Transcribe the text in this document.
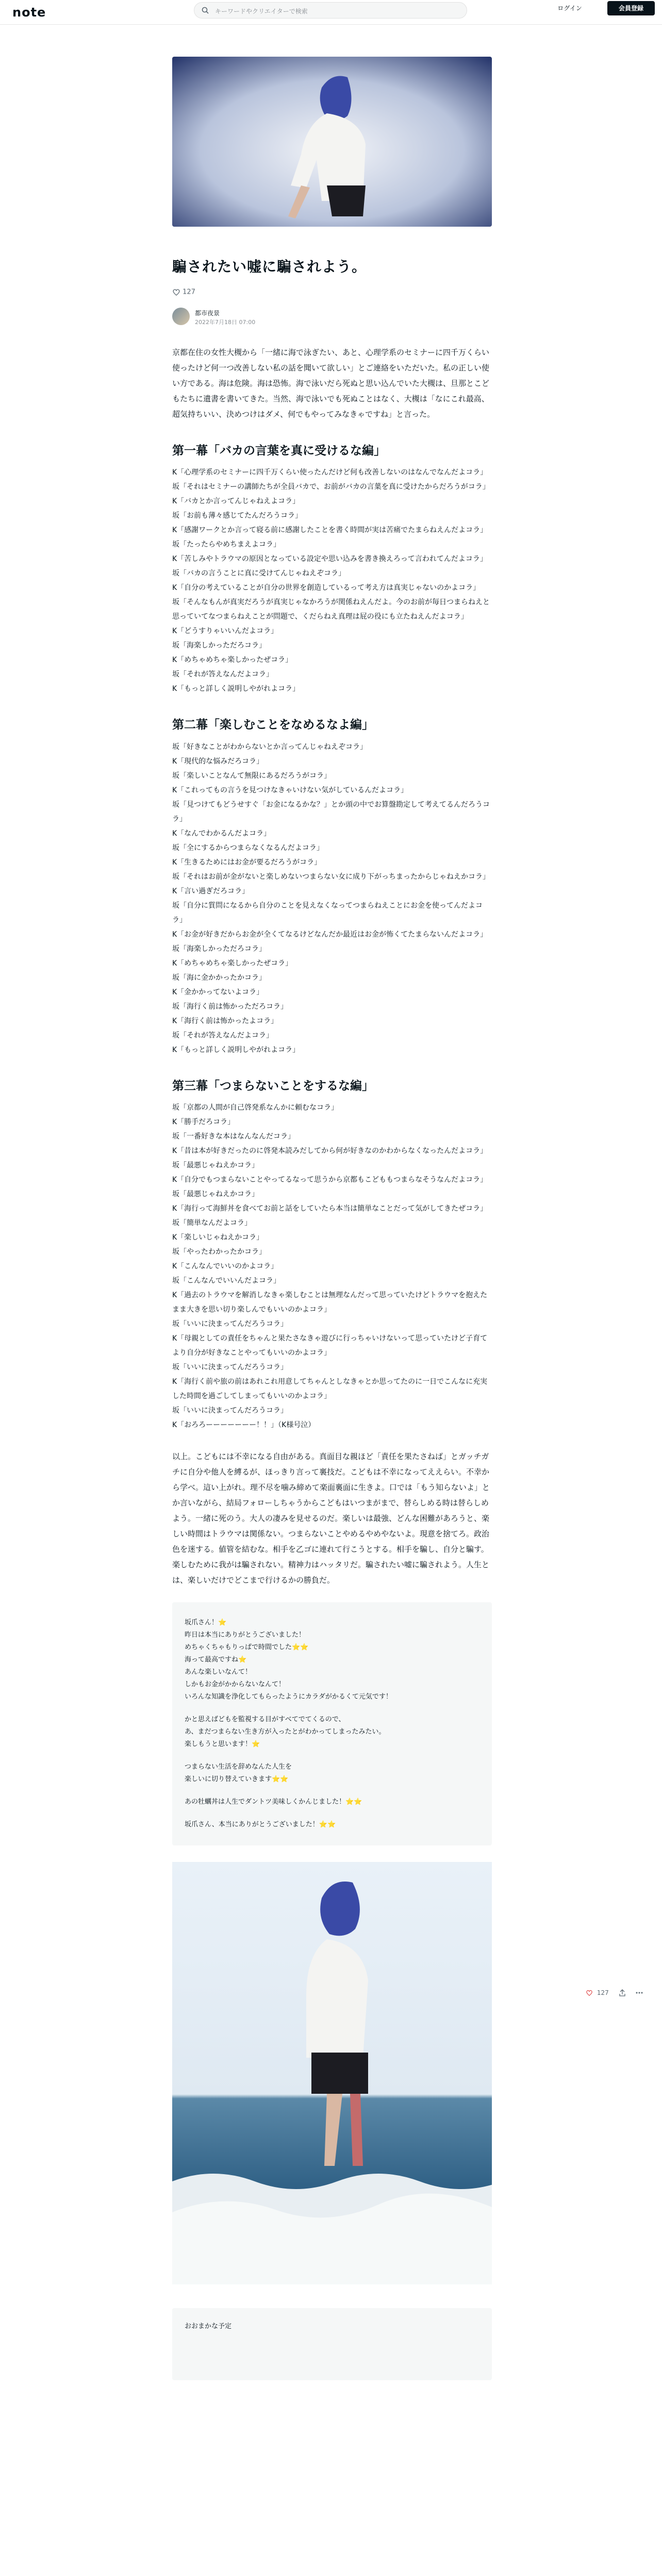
note	キーワードやクリエイターで検索	ログイン	会員登録
騙されたい嘘に騙されよう。
127
都市夜景
2022年7月18日 07:00

京都在住の女性大槻から「一緒に海で泳ぎたい、あと、心理学系のセミナーに四千万くらい使ったけど何一つ改善しない私の話を聞いて欲しい」とご連絡をいただいた。私の正しい使い方である。海は危険。海は恐怖。海で泳いだら死ぬと思い込んでいた大槻は、旦那とこどもたちに遺書を書いてきた。当然、海で泳いでも死ぬことはなく、大槻は「なにこれ最高、超気持ちいい、決めつけはダメ、何でもやってみなきゃですね」と言った。

第一幕「バカの言葉を真に受けるな編」

K「心理学系のセミナーに四千万くらい使ったんだけど何も改善しないのはなんでなんだよコラ」

坂「それはセミナーの講師たちが全員バカで、お前がバカの言葉を真に受けたからだろうがコラ」

K「バカとか言ってんじゃねえよコラ」

坂「お前も薄々感じてたんだろうコラ」

K「感謝ワークとか言って寝る前に感謝したことを書く時間が実は苦痛でたまらねえんだよコラ」

坂「たったらやめちまえよコラ」

K「苦しみやトラウマの原因となっている設定や思い込みを書き換えろって言われてんだよコラ」

坂「バカの言うことに真に受けてんじゃねえぞコラ」

K「自分の考えていることが自分の世界を創造しているって考え方は真実じゃないのかよコラ」

坂「そんなもんが真実だろうが真実じゃなかろうが関係ねえんだよ。今のお前が毎日つまらねえと思っていてなつまらねえことが問題で、くだらねえ真理は屁の役にも立たねえんだよコラ」

K「どうすりゃいいんだよコラ」

坂「海楽しかっただろコラ」

K「めちゃめちゃ楽しかったぜコラ」

坂「それが答えなんだよコラ」

K「もっと詳しく説明しやがれよコラ」

第二幕「楽しむことをなめるなよ編」

坂「好きなことがわからないとか言ってんじゃねえぞコラ」

K「現代的な悩みだろコラ」

坂「楽しいことなんて無限にあるだろうがコラ」

K「これってもの言うを見つけなきゃいけない気がしているんだよコラ」

坂「見つけてもどうせすぐ「お金になるかな？」とか頭の中でお算盤勘定して考えてるんだろうコラ」

K「なんでわかるんだよコラ」

坂「全にするからつまらなくなるんだよコラ」

K「生きるためにはお金が要るだろうがコラ」

坂「それはお前が金がないと楽しめないつまらない女に成り下がっちまったからじゃねえかコラ」

K「言い過ぎだろコラ」

坂「自分に質問になるから自分のことを見えなくなってつまらねえことにお金を使ってんだよコラ」

K「お金が好きだからお金が全くてなるけどなんだか最近はお金が怖くてたまらないんだよコラ」

坂「海楽しかっただろコラ」

K「めちゃめちゃ楽しかったぜコラ」

坂「海に金かかったかコラ」

K「金かかってないよコラ」

坂「海行く前は怖かっただろコラ」

K「海行く前は怖かったよコラ」

坂「それが答えなんだよコラ」

K「もっと詳しく説明しやがれよコラ」

第三幕「つまらないことをするな編」

坂「京都の人間が自己啓発系なんかに頼むなコラ」

K「勝手だろコラ」

坂「一番好きな本はなんなんだコラ」

K「昔は本が好きだったのに啓発本読みだしてから何が好きなのかわからなくなったんだよコラ」

坂「最悪じゃねえかコラ」

K「自分でもつまらないことやってるなって思うから京都もこどももつまらなそうなんだよコラ」

坂「最悪じゃねえかコラ」

K「海行って海鮮丼を食べてお前と話をしていたら本当は簡単なことだって気がしてきたぜコラ」

坂「簡単なんだよコラ」

K「楽しいじゃねえかコラ」

坂「やったわかったかコラ」

K「こんなんでいいのかよコラ」

坂「こんなんでいいんだよコラ」

K「過去のトラウマを解消しなきゃ楽しむことは無理なんだって思っていたけどトラウマを抱えたまま大きを思い切り楽しんでもいいのかよコラ」

坂「いいに決まってんだろうコラ」

K「母親としての責任をちゃんと果たさなきゃ遊びに行っちゃいけないって思っていたけど子育てより自分が好きなことやってもいいのかよコラ」

坂「いいに決まってんだろうコラ」

K「海行く前や旅の前はあれこれ用意してちゃんとしなきゃとか思ってたのに一日でこんなに充実した時間を過ごしてしまってもいいのかよコラ」

坂「いいに決まってんだろうコラ」

K「おろろーーーーーーー！！」（K様号泣）

以上。こどもには不幸になる自由がある。真面目な親ほど「責任を果たさねば」とガッチガチに自分や他人を縛るが、ほっきり言って裏技だ。こどもは不幸になってええらい。不幸から学べ。這い上がれ。理不尽を噛み締めて楽面裏面に生きよ。口では「もう知らないよ」とか言いながら、結局フォローしちゃうからこどもはいつまがまで、替らしめる時は替らしめよう。一緒に死のう。大人の凄みを見せるのだ。楽しいは最強、どんな困難があろうと、楽しい時間はトラウマは関係ない。つまらないことやめるやめやないよ。現意を捨てろ。政治色を迷する。値管を結むな。相手を乙ゴに連れて行こうとする。相手を騙し、自分と騙す。楽しむために我がは騙されない。精神力はハッタリだ。騙されたい嘘に騙されよう。人生とは、楽しいだけでどこまで行けるかの勝負だ。

坂爪さん！⭐

昨日は本当にありがとうございました！

めちゃくちゃもりっぱで時間でした⭐⭐

海って最高ですね⭐

あんな楽しいなんて！

しかもお金がかからないなんて！

いろんな知識を浄化してもらったようにカラダがかるくて元気です！

かと思えばどもを監視する目がすべてでてくるので、

あ、まだつまらない生き方が入ったとがわかってしまったみたい。

楽しもうと思います！⭐

つまらない生活を辞めなんた人生を

楽しいに切り替えていきます⭐⭐

あの牡蠣丼は人生でダントツ美味しくかんじました！⭐⭐

坂爪さん、本当にありがとうございました！⭐⭐

おおまかな予定

127
